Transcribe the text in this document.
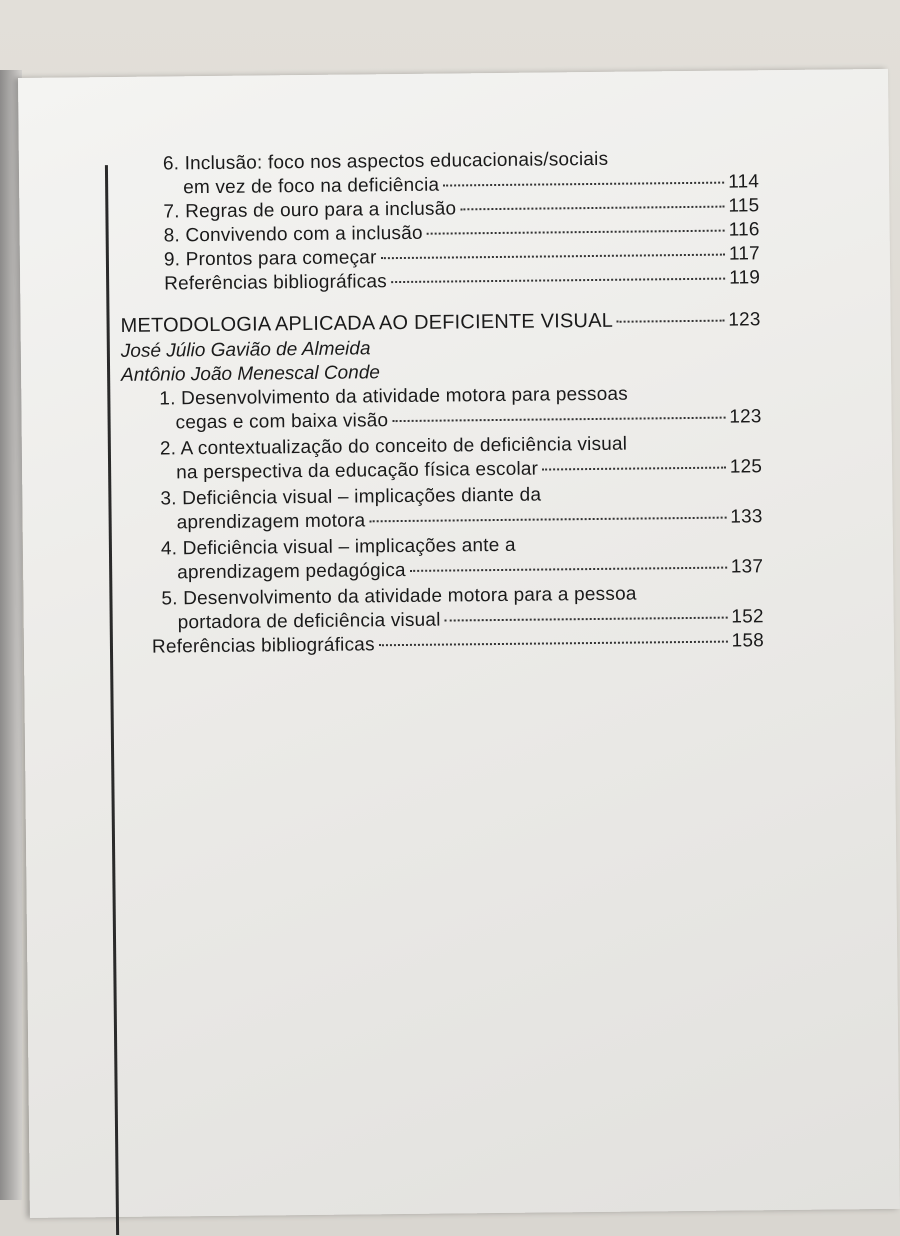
6. Inclusão: foco nos aspectos educacionais/sociais
em vez de foco na deficiência	114
7. Regras de ouro para a inclusão	115
8. Convivendo com a inclusão	116
9. Prontos para começar	117
Referências bibliográficas	119
METODOLOGIA APLICADA AO DEFICIENTE VISUAL	123
José Júlio Gavião de Almeida
Antônio João Menescal Conde
1. Desenvolvimento da atividade motora para pessoas
cegas e com baixa visão	123
2. A contextualização do conceito de deficiência visual
na perspectiva da educação física escolar	125
3. Deficiência visual – implicações diante da
aprendizagem motora	133
4. Deficiência visual – implicações ante a
aprendizagem pedagógica	137
5. Desenvolvimento da atividade motora para a pessoa
portadora de deficiência visual	152
Referências bibliográficas	158
